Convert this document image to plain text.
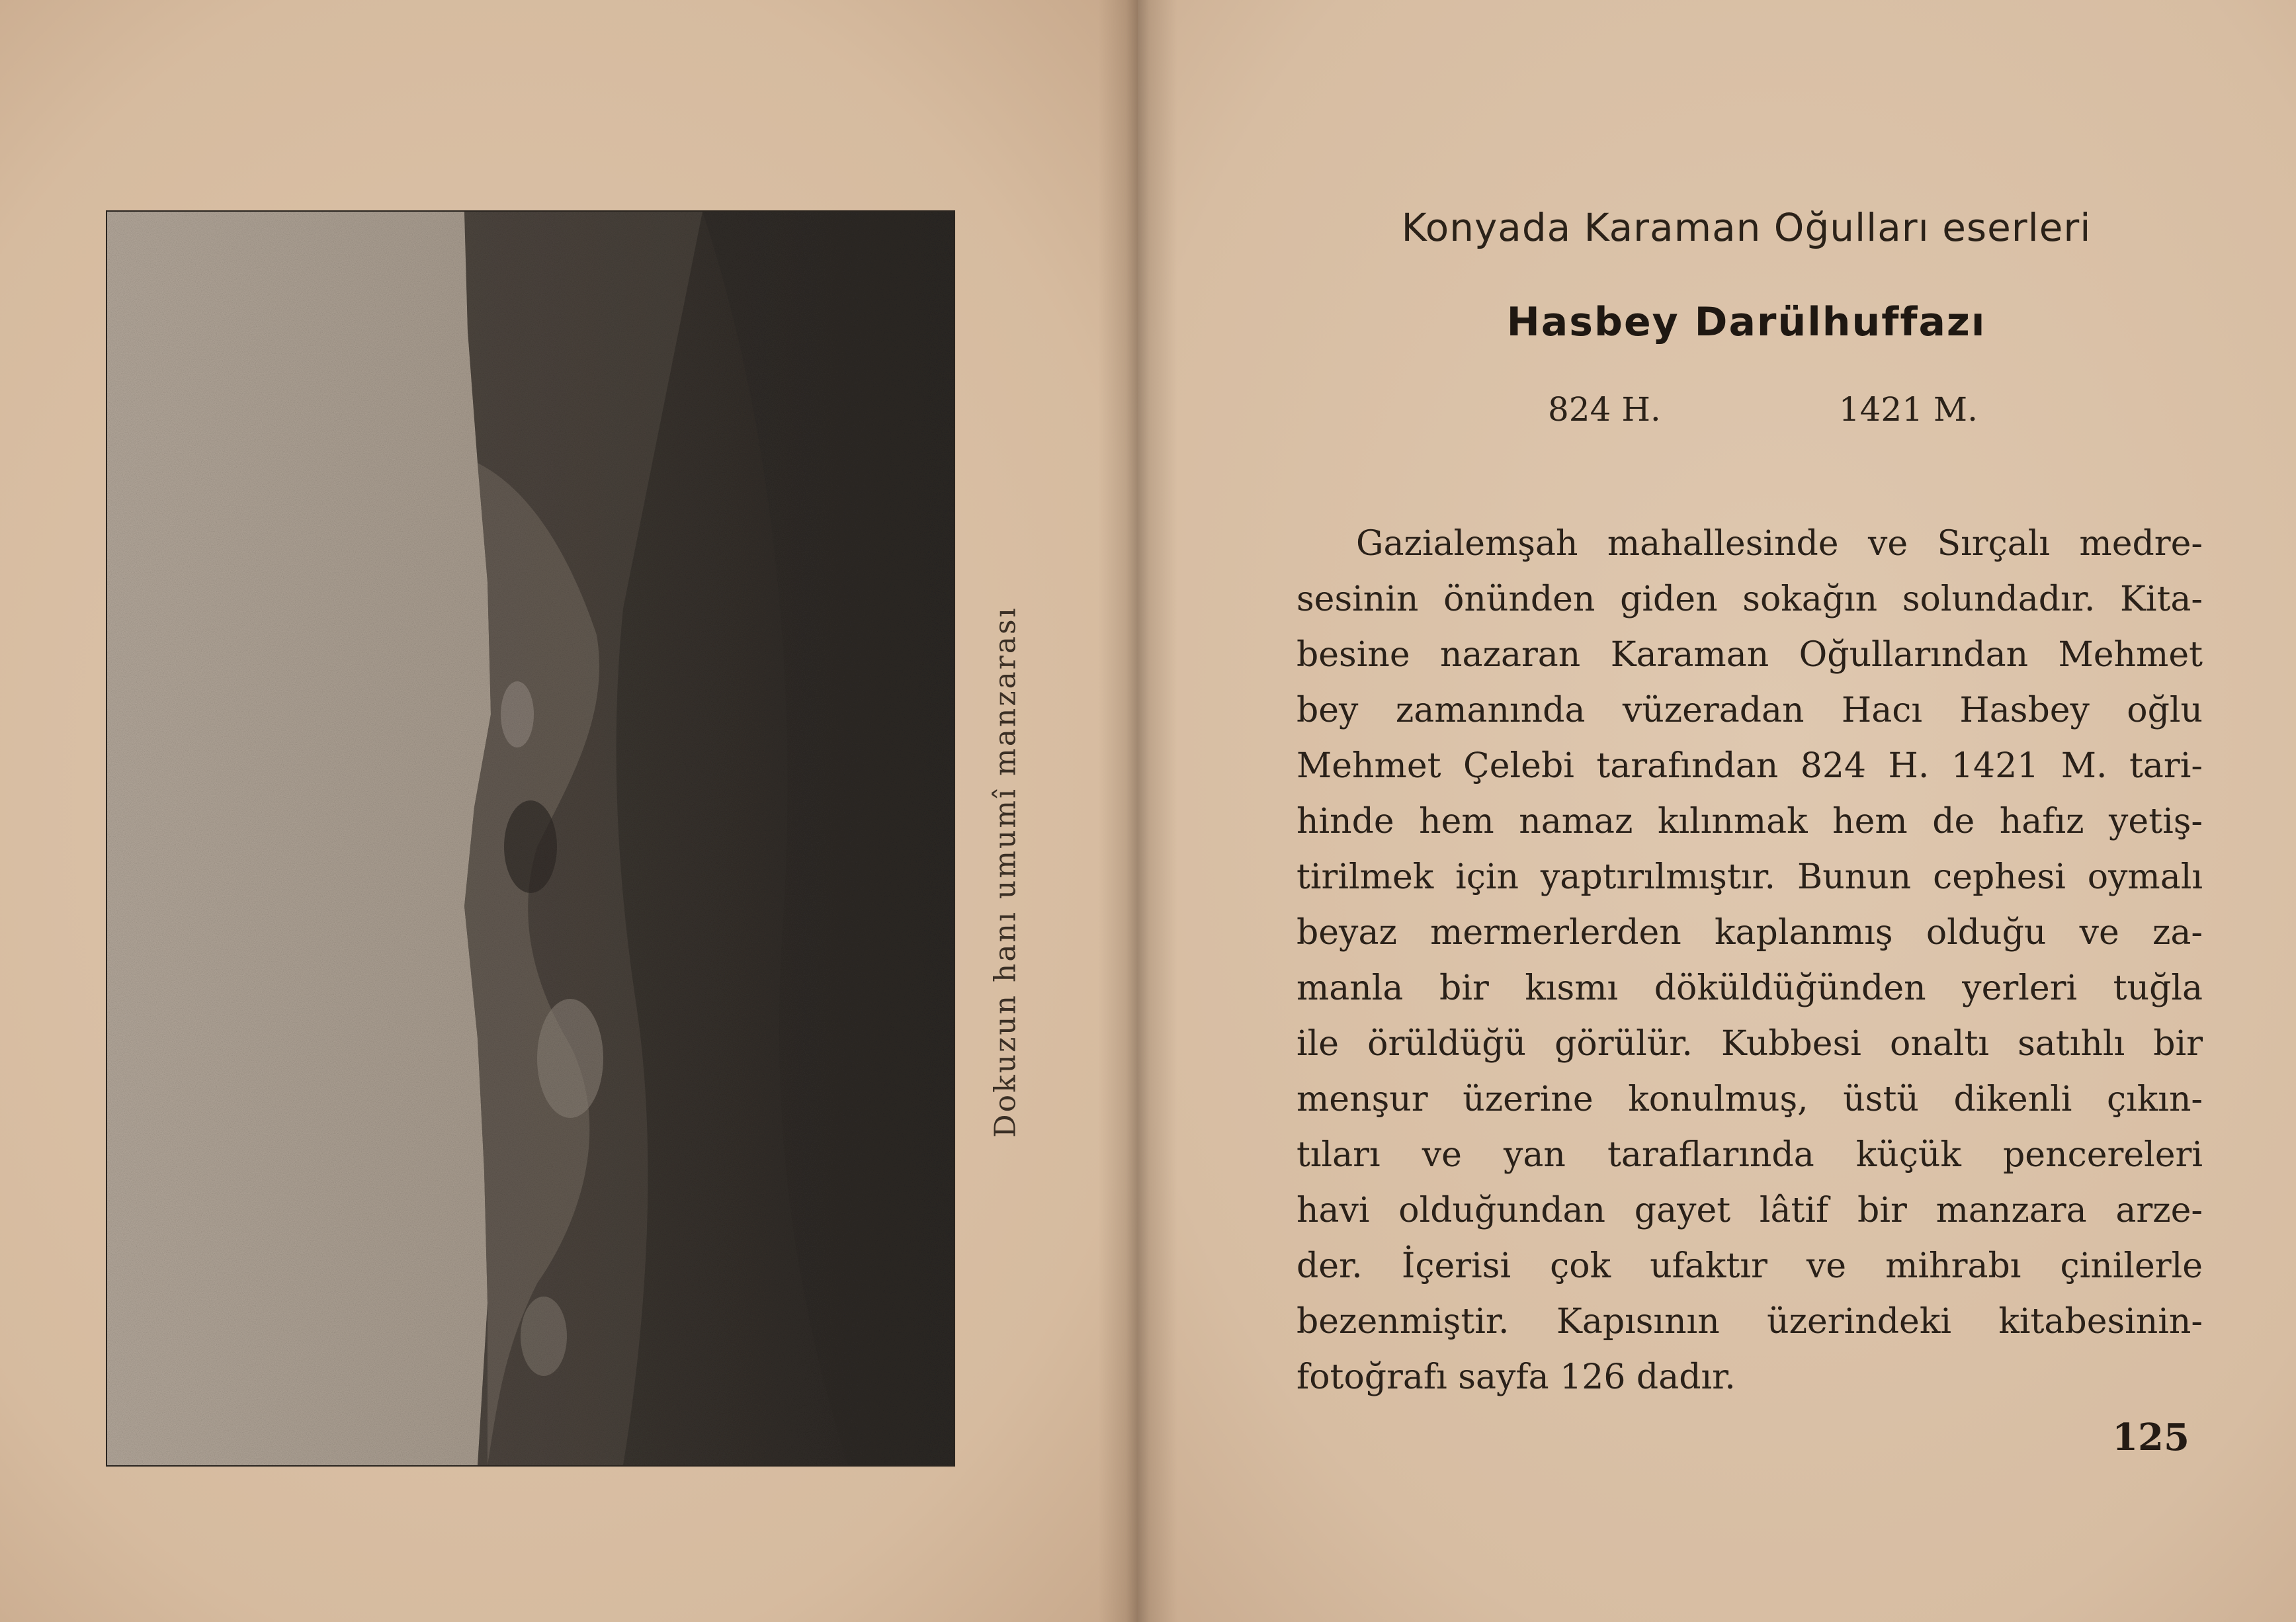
Dokuzun hanı umumî manzarası
Konyada Karaman Oğulları eserleri
Hasbey Darülhuffazı
824 H.	1421 M.
Gazialemşah mahallesinde ve Sırçalı medre-
sesinin önünden giden sokağın solundadır. Kita-
besine nazaran Karaman Oğullarından Mehmet
bey zamanında vüzeradan Hacı Hasbey oğlu
Mehmet Çelebi tarafından 824 H. 1421 M. tari-
hinde hem namaz kılınmak hem de hafız yetiş-
tirilmek için yaptırılmıştır. Bunun cephesi oymalı
beyaz mermerlerden kaplanmış olduğu ve za-
manla bir kısmı döküldüğünden yerleri tuğla
ile örüldüğü görülür. Kubbesi onaltı satıhlı bir
menşur üzerine konulmuş, üstü dikenli çıkın-
tıları ve yan taraflarında küçük pencereleri
havi olduğundan gayet lâtif bir manzara arze-
der. İçerisi çok ufaktır ve mihrabı çinilerle
bezenmiştir. Kapısının üzerindeki kitabesinin-
fotoğrafı sayfa 126 dadır.
125
